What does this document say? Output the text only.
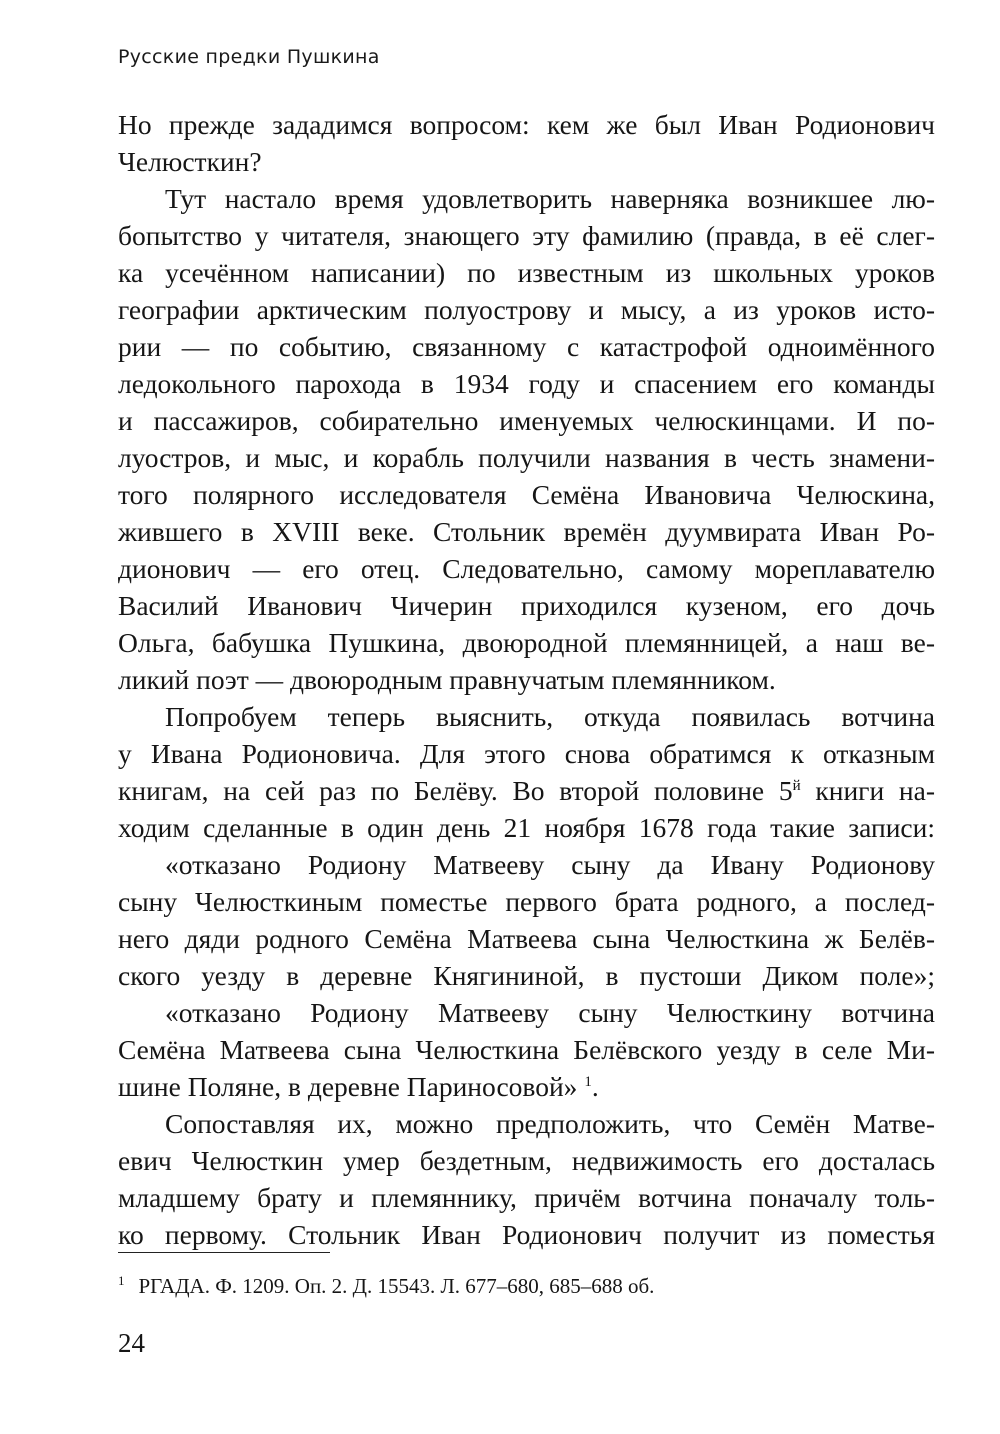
Русские предки Пушкина
Но прежде зададимся вопросом: кем же был Иван Родионович
Челюсткин?
Тут настало время удовлетворить наверняка возникшее лю-
бопытство у читателя, знающего эту фамилию (правда, в её слег-
ка усечённом написании) по известным из школьных уроков
географии арктическим полуострову и мысу, а из уроков исто-
рии — по событию, связанному с катастрофой одноимённого
ледокольного парохода в 1934 году и спасением его команды
и пассажиров, собирательно именуемых челюскинцами. И по-
луостров, и мыс, и корабль получили названия в честь знамени-
того полярного исследователя Семёна Ивановича Челюскина,
жившего в XVIII веке. Стольник времён дуумвирата Иван Ро-
дионович — его отец. Следовательно, самому мореплавателю
Василий Иванович Чичерин приходился кузеном, его дочь
Ольга, бабушка Пушкина, двоюродной племянницей, а наш ве-
ликий поэт — двоюродным правнучатым племянником.
Попробуем теперь выяснить, откуда появилась вотчина
у Ивана Родионовича. Для этого снова обратимся к отказным
книгам, на сей раз по Белёву. Во второй половине $5^й$ книги на-
ходим сделанные в один день 21 ноября 1678 года такие записи:
«отказано Родиону Матвееву сыну да Ивану Родионову
сыну Челюсткиным поместье первого брата родного, а послед-
него дяди родного Семёна Матвеева сына Челюсткина ж Белёв-
ского уезду в деревне Княгининой, в пустоши Диком поле»;
«отказано Родиону Матвееву сыну Челюсткину вотчина
Семёна Матвеева сына Челюсткина Белёвского уезду в селе Ми-
шине Поляне, в деревне Париносовой» $^1$.
Сопоставляя их, можно предположить, что Семён Матве-
евич Челюсткин умер бездетным, недвижимость его досталась
младшему брату и племяннику, причём вотчина поначалу толь-
ко первому. Стольник Иван Родионович получит из поместья
$^1$ РГАДА. Ф. 1209. Оп. 2. Д. 15543. Л. 677–680, 685–688 об.
24
